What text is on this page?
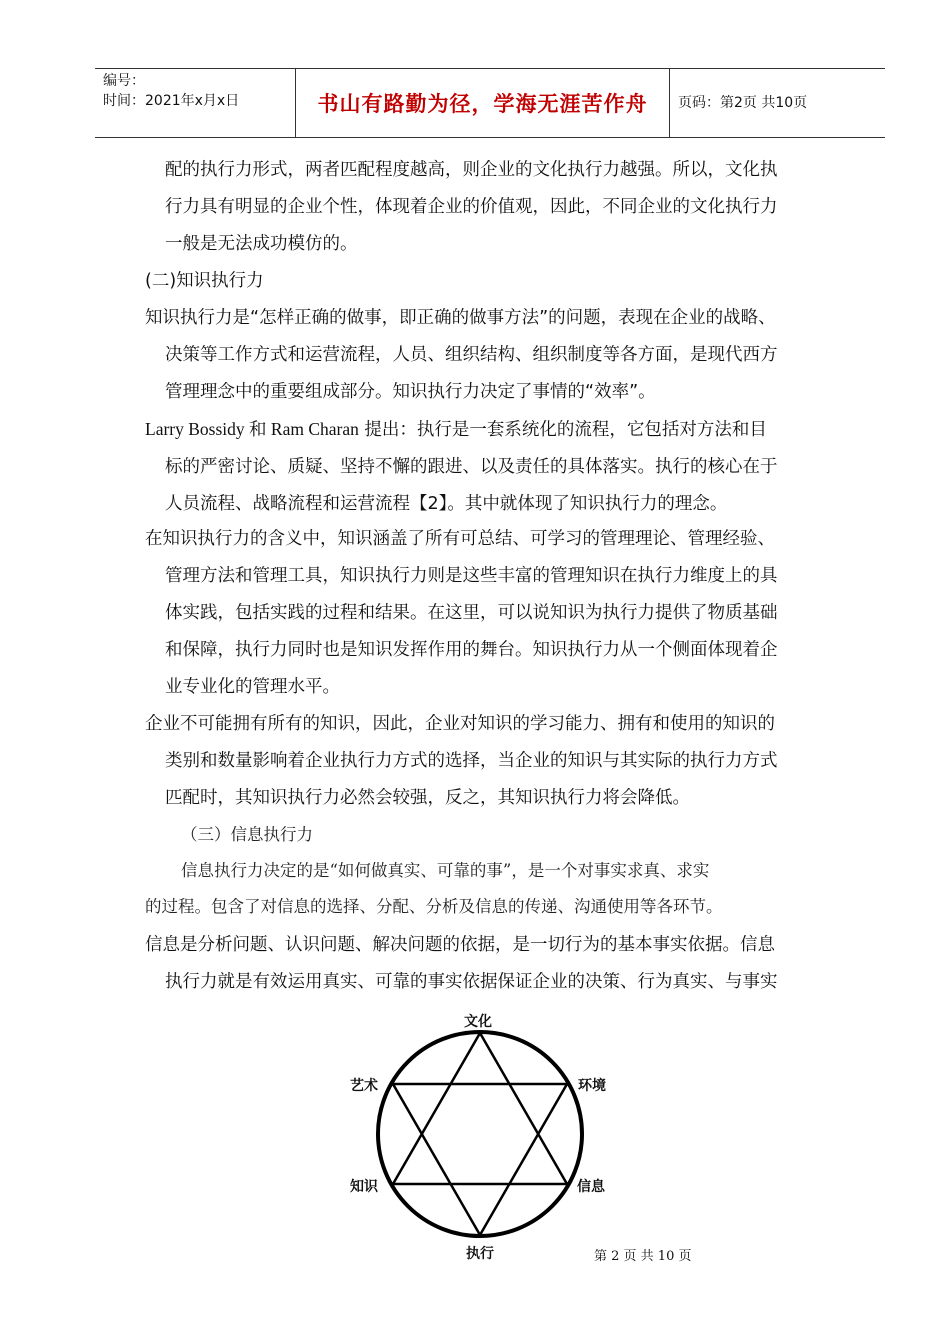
编号：
时间：2021年x月x日	书山有路勤为径，学海无涯苦作舟 页码：第2页 共10页
配的执行力形式，两者匹配程度越高，则企业的文化执行力越强。所以，文化执
行力具有明显的企业个性，体现着企业的价值观，因此，不同企业的文化执行力
一般是无法成功模仿的。
(二)知识执行力
知识执行力是“怎样正确的做事，即正确的做事方法”的问题，表现在企业的战略、
决策等工作方式和运营流程，人员、组织结构、组织制度等各方面，是现代西方
管理理念中的重要组成部分。知识执行力决定了事情的“效率”。
Larry Bossidy 和 Ram Charan 提出：执行是一套系统化的流程，它包括对方法和目
标的严密讨论、质疑、坚持不懈的跟进、以及责任的具体落实。执行的核心在于
人员流程、战略流程和运营流程【2】。其中就体现了知识执行力的理念。
在知识执行力的含义中，知识涵盖了所有可总结、可学习的管理理论、管理经验、
管理方法和管理工具，知识执行力则是这些丰富的管理知识在执行力维度上的具
体实践，包括实践的过程和结果。在这里，可以说知识为执行力提供了物质基础
和保障，执行力同时也是知识发挥作用的舞台。知识执行力从一个侧面体现着企
业专业化的管理水平。
企业不可能拥有所有的知识，因此，企业对知识的学习能力、拥有和使用的知识的
类别和数量影响着企业执行力方式的选择，当企业的知识与其实际的执行力方式
匹配时，其知识执行力必然会较强，反之，其知识执行力将会降低。
（三）信息执行力
信息执行力决定的是“如何做真实、可靠的事”，是一个对事实求真、求实
的过程。包含了对信息的选择、分配、分析及信息的传递、沟通使用等各环节。
信息是分析问题、认识问题、解决问题的依据，是一切行为的基本事实依据。信息
执行力就是有效运用真实、可靠的事实依据保证企业的决策、行为真实、与事实
文化
环境
信息
执行
知识
艺术
第 2 页 共 10 页
